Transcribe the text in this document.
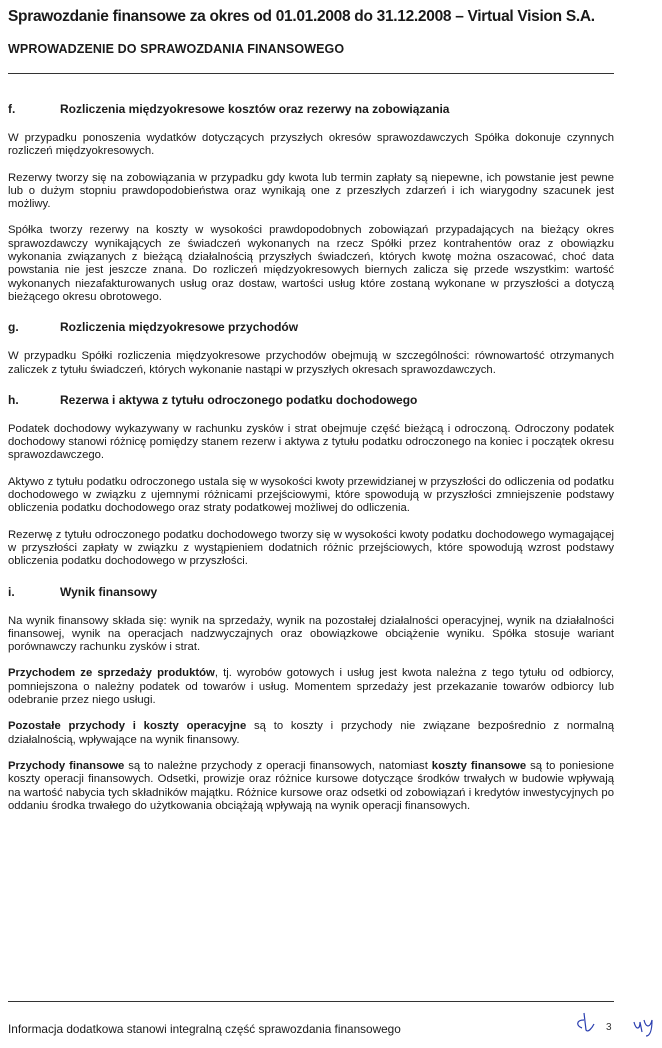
Sprawozdanie finansowe za okres od 01.01.2008 do 31.12.2008 – Virtual Vision S.A.
WPROWADZENIE DO SPRAWOZDANIA FINANSOWEGO
f.	Rozliczenia międzyokresowe kosztów oraz rezerwy na zobowiązania

W przypadku ponoszenia wydatków dotyczących przyszłych okresów sprawozdawczych Spółka dokonuje czynnych rozliczeń międzyokresowych.

Rezerwy tworzy się na zobowiązania w przypadku gdy kwota lub termin zapłaty są niepewne, ich powstanie jest pewne lub o dużym stopniu prawdopodobieństwa oraz wynikają one z przeszłych zdarzeń i ich wiarygodny szacunek jest możliwy.

Spółka tworzy rezerwy na koszty w wysokości prawdopodobnych zobowiązań przypadających na bieżący okres sprawozdawczy wynikających ze świadczeń wykonanych na rzecz Spółki przez kontrahentów oraz z obowiązku wykonania związanych z bieżącą działalnością przyszłych świadczeń, których kwotę można oszacować, choć data powstania nie jest jeszcze znana. Do rozliczeń międzyokresowych biernych zalicza się przede wszystkim: wartość wykonanych niezafakturowanych usług oraz dostaw, wartości usług które zostaną wykonane w przyszłości a dotyczą bieżącego okresu obrotowego.

g.	Rozliczenia międzyokresowe przychodów

W przypadku Spółki rozliczenia międzyokresowe przychodów obejmują w szczególności: równowartość otrzymanych zaliczek z tytułu świadczeń, których wykonanie nastąpi w przyszłych okresach sprawozdawczych.

h.	Rezerwa i aktywa z tytułu odroczonego podatku dochodowego

Podatek dochodowy wykazywany w rachunku zysków i strat obejmuje część bieżącą i odroczoną. Odroczony podatek dochodowy stanowi różnicę pomiędzy stanem rezerw i aktywa z tytułu podatku odroczonego na koniec i początek okresu sprawozdawczego.

Aktywo z tytułu podatku odroczonego ustala się w wysokości kwoty przewidzianej w przyszłości do odliczenia od podatku dochodowego w związku z ujemnymi różnicami przejściowymi, które spowodują w przyszłości zmniejszenie podstawy obliczenia podatku dochodowego oraz straty podatkowej możliwej do odliczenia.

Rezerwę z tytułu odroczonego podatku dochodowego tworzy się w wysokości kwoty podatku dochodowego wymagającej w przyszłości zapłaty w związku z wystąpieniem dodatnich różnic przejściowych, które spowodują wzrost podstawy obliczenia podatku dochodowego w przyszłości.

i.	Wynik finansowy

Na wynik finansowy składa się: wynik na sprzedaży, wynik na pozostałej działalności operacyjnej, wynik na działalności finansowej, wynik na operacjach nadzwyczajnych oraz obowiązkowe obciążenie wyniku. Spółka stosuje wariant porównawczy rachunku zysków i strat.

Przychodem ze sprzedaży produktów, tj. wyrobów gotowych i usług jest kwota należna z tego tytułu od odbiorcy, pomniejszona o należny podatek od towarów i usług. Momentem sprzedaży jest przekazanie towarów odbiorcy lub odebranie przez niego usługi.

Pozostałe przychody i koszty operacyjne są to koszty i przychody nie związane bezpośrednio z normalną działalnością, wpływające na wynik finansowy.

Przychody finansowe są to należne przychody z operacji finansowych, natomiast koszty finansowe są to poniesione koszty operacji finansowych. Odsetki, prowizje oraz różnice kursowe dotyczące środków trwałych w budowie wpływają na wartość nabycia tych składników majątku. Różnice kursowe oraz odsetki od zobowiązań i kredytów inwestycyjnych po oddaniu środka trwałego do użytkowania obciążają wpływają na wynik operacji finansowych.

Informacja dodatkowa stanowi integralną część sprawozdania finansowego	3
